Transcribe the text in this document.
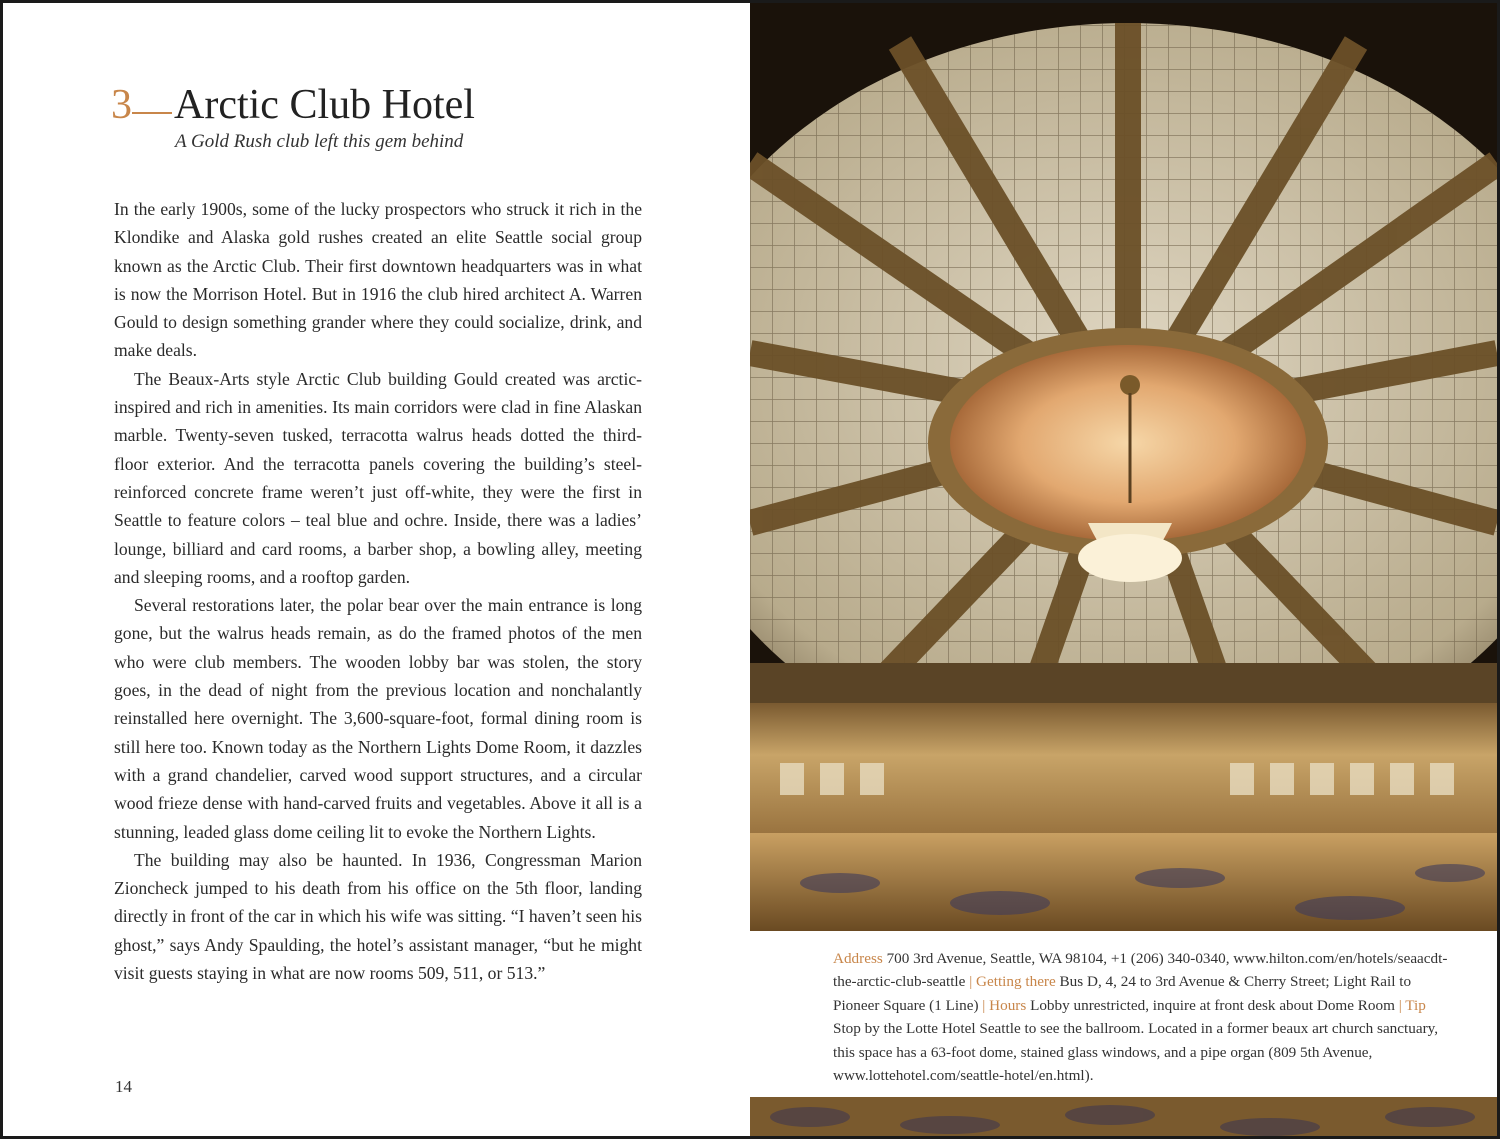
3 Arctic Club Hotel
A Gold Rush club left this gem behind

In the early 1900s, some of the lucky prospectors who struck it rich in the Klondike and Alaska gold rushes created an elite Seattle social group known as the Arctic Club. Their first downtown headquarters was in what is now the Morrison Hotel. But in 1916 the club hired architect A. Warren Gould to design something grander where they could socialize, drink, and make deals.

The Beaux-Arts style Arctic Club building Gould created was arctic-inspired and rich in amenities. Its main corridors were clad in fine Alaskan marble. Twenty-seven tusked, terracotta walrus heads dotted the third-floor exterior. And the terracotta panels covering the building’s steel-reinforced concrete frame weren’t just off-white, they were the first in Seattle to feature colors – teal blue and ochre. Inside, there was a ladies’ lounge, billiard and card rooms, a barber shop, a bowling alley, meeting and sleeping rooms, and a rooftop garden.

Several restorations later, the polar bear over the main entrance is long gone, but the walrus heads remain, as do the framed photos of the men who were club members. The wooden lobby bar was stolen, the story goes, in the dead of night from the previous location and nonchalantly reinstalled here overnight. The 3,600-square-foot, formal dining room is still here too. Known today as the Northern Lights Dome Room, it dazzles with a grand chandelier, carved wood support structures, and a circular wood frieze dense with hand-carved fruits and vegetables. Above it all is a stunning, leaded glass dome ceiling lit to evoke the Northern Lights.

The building may also be haunted. In 1936, Congressman Marion Zioncheck jumped to his death from his office on the 5th floor, landing directly in front of the car in which his wife was sitting. “I haven’t seen his ghost,” says Andy Spaulding, the hotel’s assistant manager, “but he might visit guests staying in what are now rooms 509, 511, or 513.”

14
Address 700 3rd Avenue, Seattle, WA 98104, +1 (206) 340-0340, www.hilton.com/en/hotels/seaacdt-the-arctic-club-seattle | Getting there Bus D, 4, 24 to 3rd Avenue & Cherry Street; Light Rail to Pioneer Square (1 Line) | Hours Lobby unrestricted, inquire at front desk about Dome Room | Tip Stop by the Lotte Hotel Seattle to see the ballroom. Located in a former beaux art church sanctuary, this space has a 63-foot dome, stained glass windows, and a pipe organ (809 5th Avenue, www.lottehotel.com/seattle-hotel/en.html).
